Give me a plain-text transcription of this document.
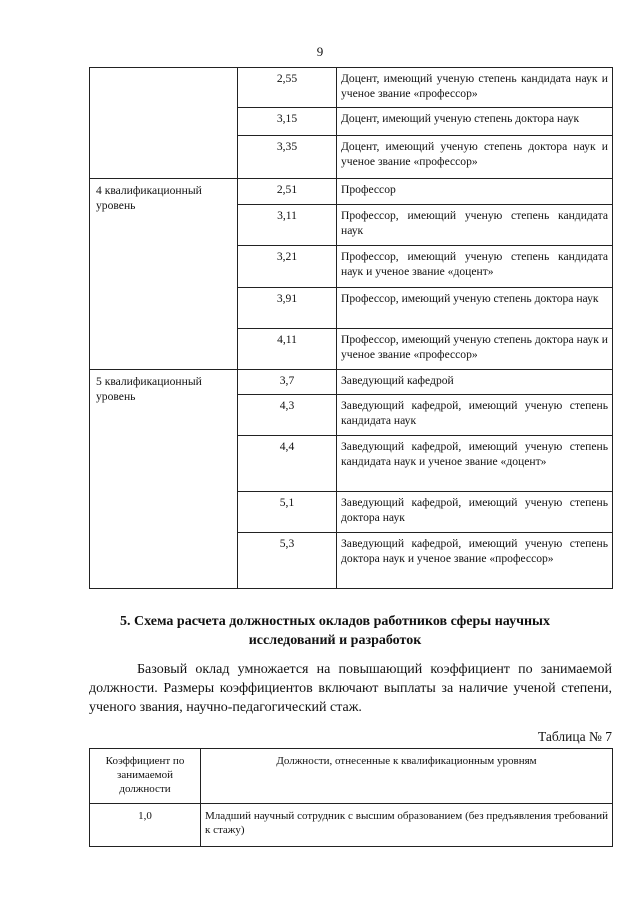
9
	2,55	Доцент, имеющий ученую степень кандидата наук и ученое звание «профессор»
	3,15	Доцент, имеющий ученую степень доктора наук
	3,35	Доцент, имеющий ученую степень доктора наук и ученое звание «профессор»
4 квалификационный уровень	2,51	Профессор
	3,11	Профессор, имеющий ученую степень кандидата наук
	3,21	Профессор, имеющий ученую степень кандидата наук и ученое звание «доцент»
	3,91	Профессор, имеющий ученую степень доктора наук
	4,11	Профессор, имеющий ученую степень доктора наук и ученое звание «профессор»
5 квалификационный уровень	3,7	Заведующий кафедрой
	4,3	Заведующий кафедрой, имеющий ученую степень кандидата наук
	4,4	Заведующий кафедрой, имеющий ученую степень кандидата наук и ученое звание «доцент»
	5,1	Заведующий кафедрой, имеющий ученую степень доктора наук
	5,3	Заведующий кафедрой, имеющий ученую степень доктора наук и ученое звание «профессор»
5. Схема расчета должностных окладов работников сферы научных исследований и разработок
Базовый оклад умножается на повышающий коэффициент по занимаемой должности. Размеры коэффициентов включают выплаты за наличие ученой степени, ученого звания, научно-педагогический стаж.
Таблица № 7
Коэффициент по занимаемой должности	Должности, отнесенные к квалификационным уровням
1,0	Младший научный сотрудник с высшим образованием (без предъявления требований к стажу)
